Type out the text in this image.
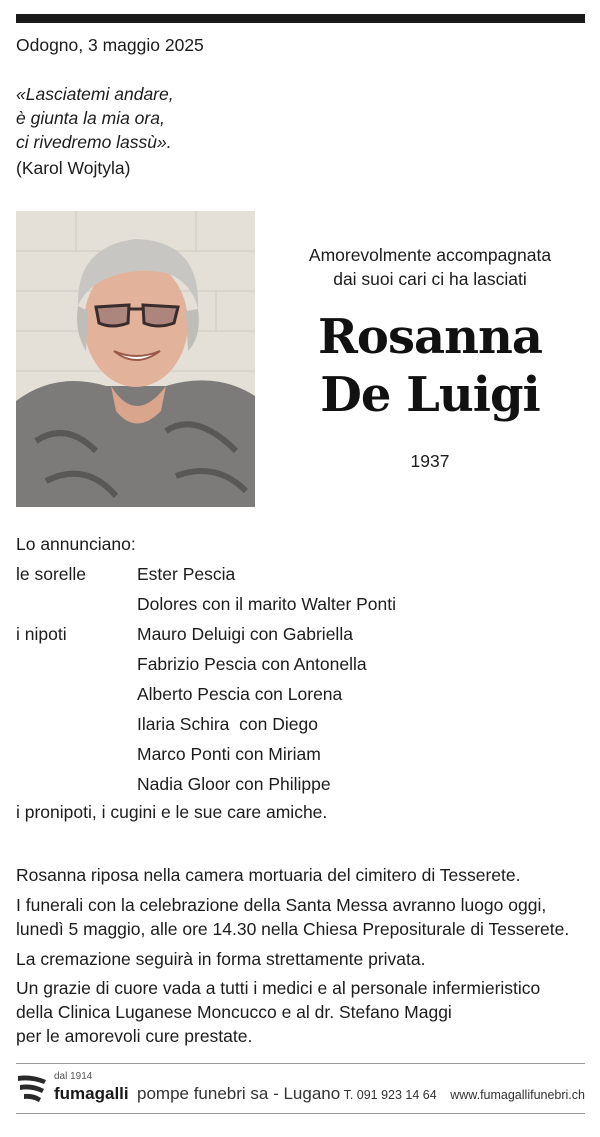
Odogno, 3 maggio 2025
«Lasciatemi andare,
è giunta la mia ora,
ci rivedremo lassù».
(Karol Wojtyla)
Amorevolmente accompagnata
dai suoi cari ci ha lasciati
Rosanna
De Luigi
1937
Lo annunciano:
le sorelle	Ester Pescia
Dolores con il marito Walter Ponti
i nipoti	Mauro Deluigi con Gabriella
Fabrizio Pescia con Antonella
Alberto Pescia con Lorena
Ilaria Schira  con Diego
Marco Ponti con Miriam
Nadia Gloor con Philippe
i pronipoti, i cugini e le sue care amiche.
Rosanna riposa nella camera mortuaria del cimitero di Tesserete.
I funerali con la celebrazione della Santa Messa avranno luogo oggi,
lunedì 5 maggio, alle ore 14.30 nella Chiesa Prepositurale di Tesserete.
La cremazione seguirà in forma strettamente privata.
Un grazie di cuore vada a tutti i medici e al personale infermieristico
della Clinica Luganese Moncucco e al dr. Stefano Maggi
per le amorevoli cure prestate.
dal 1914
fumagalli pompe funebri sa - Lugano T. 091 923 14 64 www.fumagallifunebri.ch
